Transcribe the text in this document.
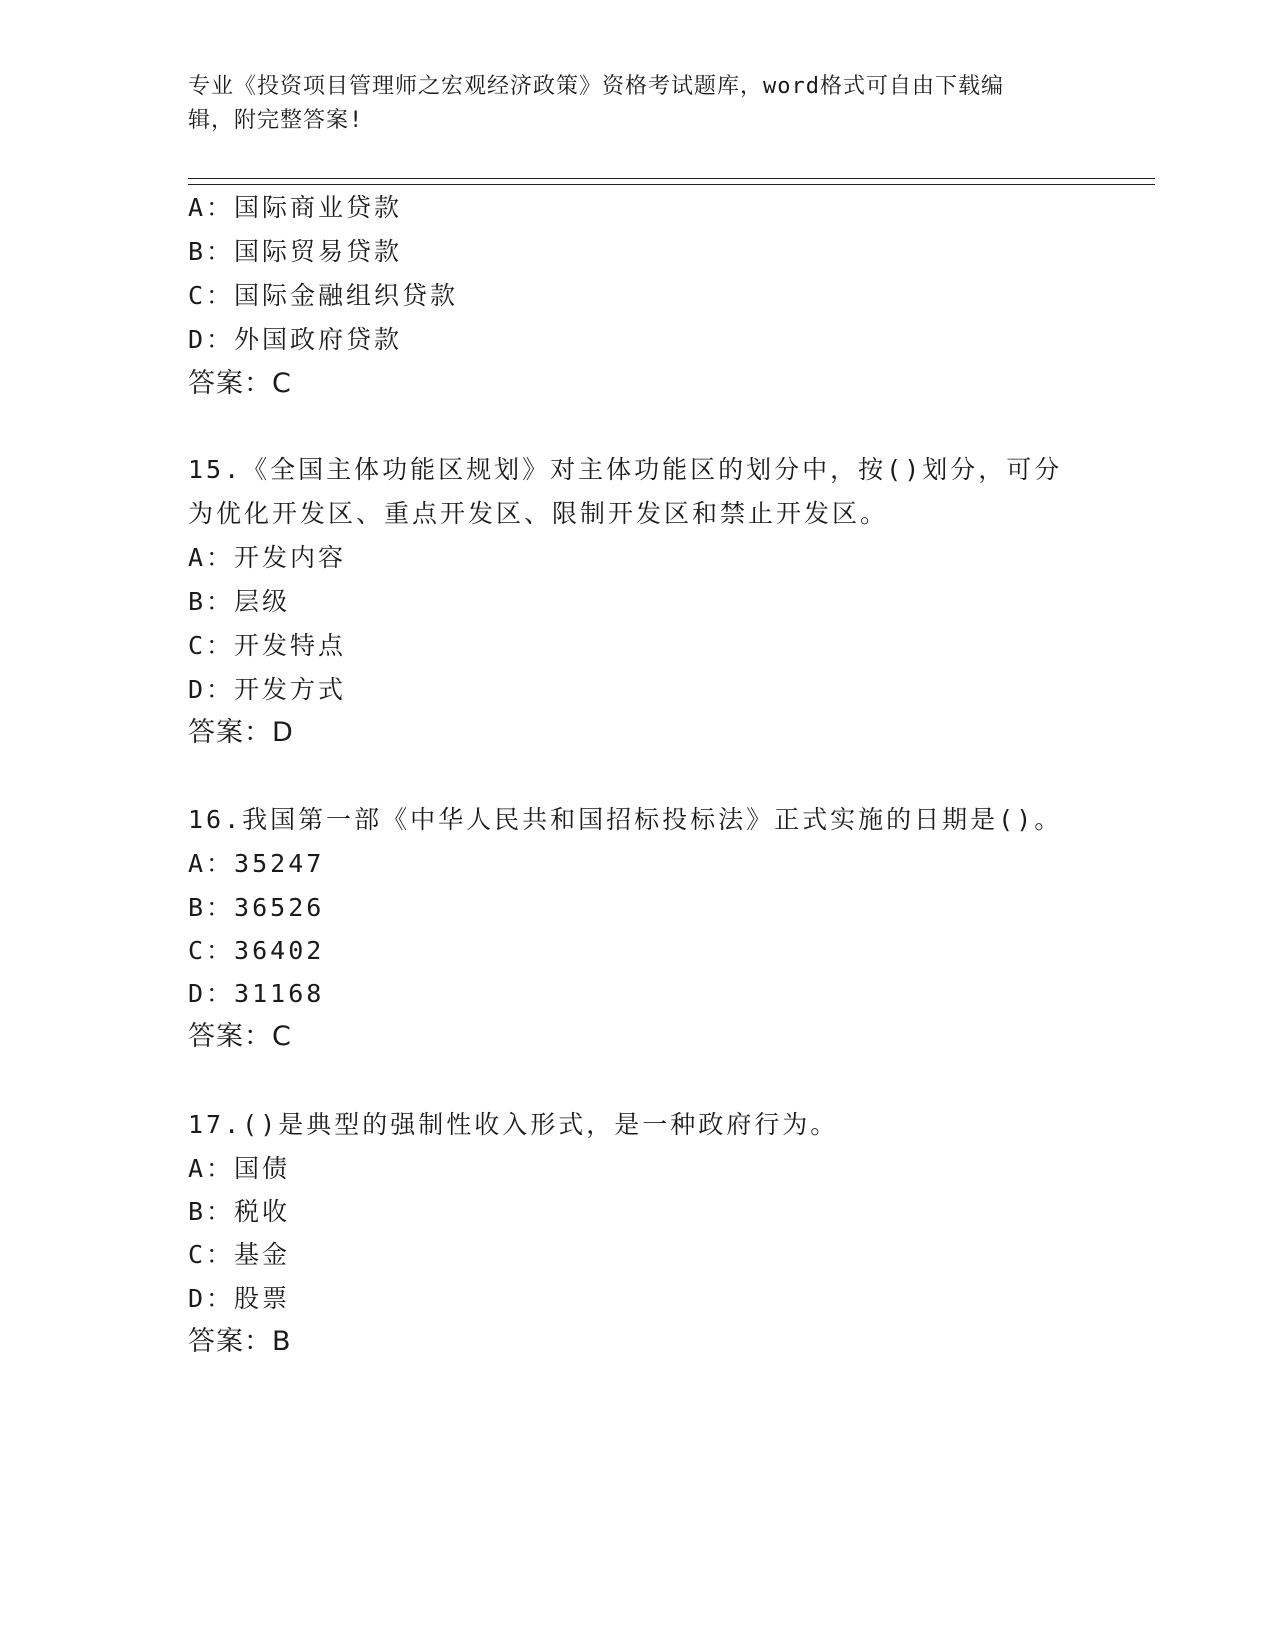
专业《投资项目管理师之宏观经济政策》资格考试题库，word格式可自由下载编
辑，附完整答案!
A：国际商业贷款
B：国际贸易贷款
C：国际金融组织贷款
D：外国政府贷款
答案：C
15.《全国主体功能区规划》对主体功能区的划分中，按()划分，可分
为优化开发区、重点开发区、限制开发区和禁止开发区。
A：开发内容
B：层级
C：开发特点
D：开发方式
答案：D
16.我国第一部《中华人民共和国招标投标法》正式实施的日期是()。
A：35247
B：36526
C：36402
D：31168
答案：C
17.()是典型的强制性收入形式，是一种政府行为。
A：国债
B：税收
C：基金
D：股票
答案：B
